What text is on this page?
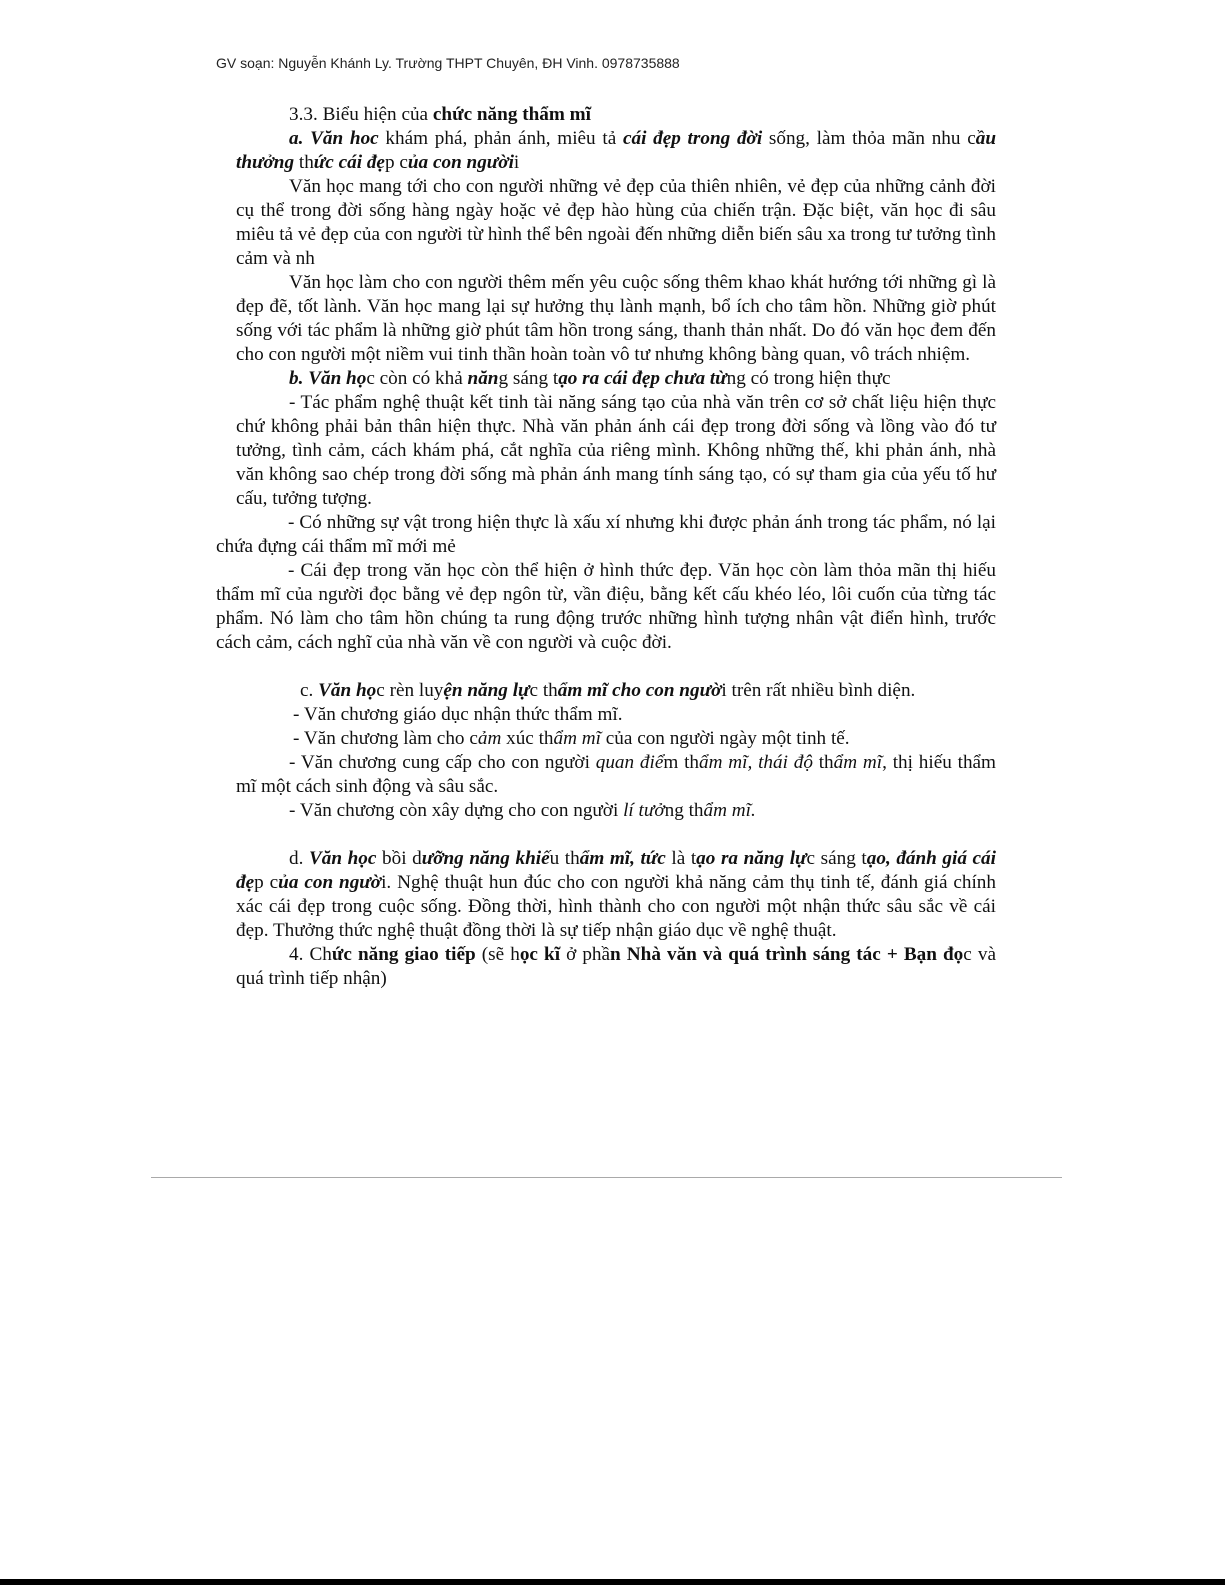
GV soạn: Nguyễn Khánh Ly. Trường THPT Chuyên, ĐH Vinh. 0978735888

3.3. Biểu hiện của chức năng thẩm mĩ

a. Văn hoc khám phá, phản ánh, miêu tả cái đẹp trong đời sống, làm thỏa mãn nhu cầu thưởng thức cái đẹp của con ngườii

Văn học mang tới cho con người những vẻ đẹp của thiên nhiên, vẻ đẹp của những cảnh đời cụ thể trong đời sống hàng ngày hoặc vẻ đẹp hào hùng của chiến trận. Đặc biệt, văn học đi sâu miêu tả vẻ đẹp của con người từ hình thể bên ngoài đến những diễn biến sâu xa trong tư tưởng tình cảm và nh

Văn học làm cho con người thêm mến yêu cuộc sống thêm khao khát hướng tới những gì là đẹp đẽ, tốt lành. Văn học mang lại sự hưởng thụ lành mạnh, bổ ích cho tâm hồn. Những giờ phút sống với tác phẩm là những giờ phút tâm hồn trong sáng, thanh thản nhất. Do đó văn học đem đến cho con người một niềm vui tinh thần hoàn toàn vô tư nhưng không bàng quan, vô trách nhiệm.

b. Văn học còn có khả năng sáng tạo ra cái đẹp chưa từng có trong hiện thực

- Tác phẩm nghệ thuật kết tinh tài năng sáng tạo của nhà văn trên cơ sở chất liệu hiện thực chứ không phải bản thân hiện thực. Nhà văn phản ánh cái đẹp trong đời sống và lồng vào đó tư tưởng, tình cảm, cách khám phá, cắt nghĩa của riêng mình. Không những thế, khi phản ánh, nhà văn không sao chép trong đời sống mà phản ánh mang tính sáng tạo, có sự tham gia của yếu tố hư cấu, tưởng tượng.

- Có những sự vật trong hiện thực là xấu xí nhưng khi được phản ánh trong tác phẩm, nó lại chứa đựng cái thẩm mĩ mới mẻ

- Cái đẹp trong văn học còn thể hiện ở hình thức đẹp. Văn học còn làm thỏa mãn thị hiếu thẩm mĩ của người đọc bằng vẻ đẹp ngôn từ, vần điệu, bằng kết cấu khéo léo, lôi cuốn của từng tác phẩm. Nó làm cho tâm hồn chúng ta rung động trước những hình tượng nhân vật điển hình, trước cách cảm, cách nghĩ của nhà văn về con người và cuộc đời.

c. Văn học rèn luyện năng lực thẩm mĩ cho con người trên rất nhiều bình diện.

- Văn chương giáo dục nhận thức thẩm mĩ.

- Văn chương làm cho cảm xúc thẩm mĩ của con người ngày một tinh tế.

- Văn chương cung cấp cho con người quan điểm thẩm mĩ, thái độ thẩm mĩ, thị hiếu thẩm mĩ một cách sinh động và sâu sắc.

- Văn chương còn xây dựng cho con người lí tưởng thẩm mĩ.

d. Văn học bồi dưỡng năng khiếu thẩm mĩ, tức là tạo ra năng lực sáng tạo, đánh giá cái đẹp của con người. Nghệ thuật hun đúc cho con người khả năng cảm thụ tinh tế, đánh giá chính xác cái đẹp trong cuộc sống. Đồng thời, hình thành cho con người một nhận thức sâu sắc về cái đẹp. Thưởng thức nghệ thuật đồng thời là sự tiếp nhận giáo dục về nghệ thuật.

4. Chức năng giao tiếp (sẽ học kĩ ở phần Nhà văn và quá trình sáng tác + Bạn đọc và quá trình tiếp nhận)
